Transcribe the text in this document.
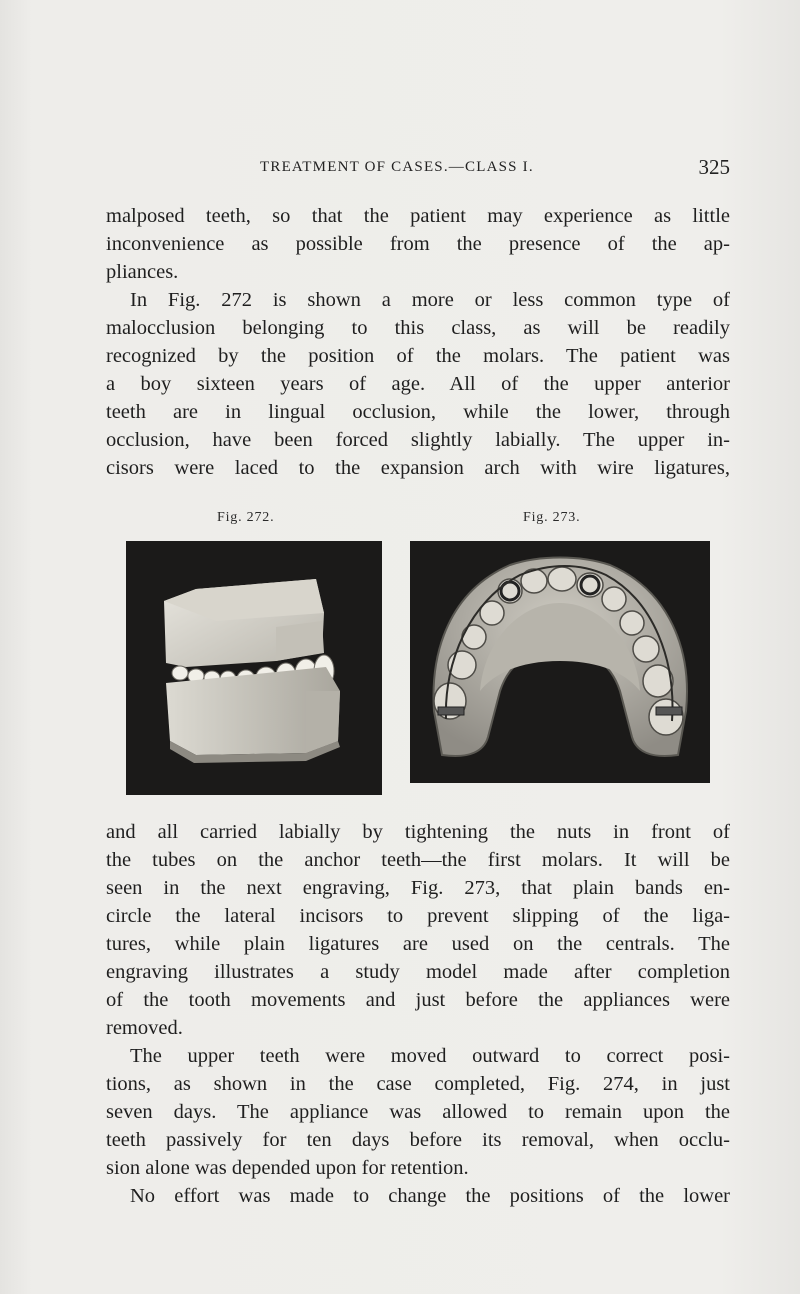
TREATMENT OF CASES.—CLASS I.	325

malposed teeth, so that the patient may experience as little

inconvenience as possible from the presence of the ap-

pliances.

In Fig. 272 is shown a more or less common type of

malocclusion belonging to this class, as will be readily

recognized by the position of the molars. The patient was

a boy sixteen years of age. All of the upper anterior

teeth are in lingual occlusion, while the lower, through

occlusion, have been forced slightly labially. The upper in-

cisors were laced to the expansion arch with wire ligatures,

Fig. 272.	Fig. 273.

and all carried labially by tightening the nuts in front of

the tubes on the anchor teeth—the first molars. It will be

seen in the next engraving, Fig. 273, that plain bands en-

circle the lateral incisors to prevent slipping of the liga-

tures, while plain ligatures are used on the centrals. The

engraving illustrates a study model made after completion

of the tooth movements and just before the appliances were

removed.

The upper teeth were moved outward to correct posi-

tions, as shown in the case completed, Fig. 274, in just

seven days. The appliance was allowed to remain upon the

teeth passively for ten days before its removal, when occlu-

sion alone was depended upon for retention.

No effort was made to change the positions of the lower
